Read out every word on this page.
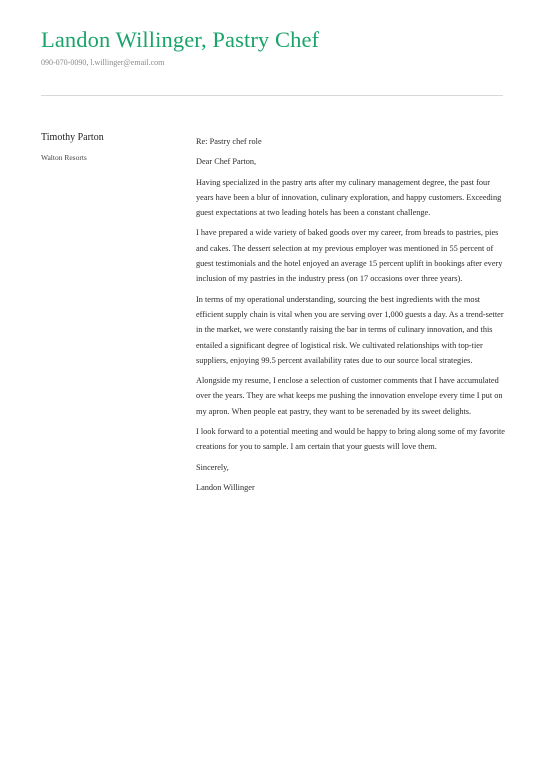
Landon Willinger, Pastry Chef
090-070-0090, l.willinger@email.com
Timothy Parton
Walton Resorts

Re: Pastry chef role

Dear Chef Parton,

Having specialized in the pastry arts after my culinary management degree, the past four years have been a blur of innovation, culinary exploration, and happy customers. Exceeding guest expectations at two leading hotels has been a constant challenge.

I have prepared a wide variety of baked goods over my career, from breads to pastries, pies and cakes. The dessert selection at my previous employer was mentioned in 55 percent of guest testimonials and the hotel enjoyed an average 15 percent uplift in bookings after every inclusion of my pastries in the industry press (on 17 occasions over three years).

In terms of my operational understanding, sourcing the best ingredients with the most efficient supply chain is vital when you are serving over 1,000 guests a day. As a trend-setter in the market, we were constantly raising the bar in terms of culinary innovation, and this entailed a significant degree of logistical risk. We cultivated relationships with top-tier suppliers, enjoying 99.5 percent availability rates due to our source local strategies.

Alongside my resume, I enclose a selection of customer comments that I have accumulated over the years. They are what keeps me pushing the innovation envelope every time I put on my apron. When people eat pastry, they want to be serenaded by its sweet delights.

I look forward to a potential meeting and would be happy to bring along some of my favorite creations for you to sample. I am certain that your guests will love them.

Sincerely,

Landon Willinger
